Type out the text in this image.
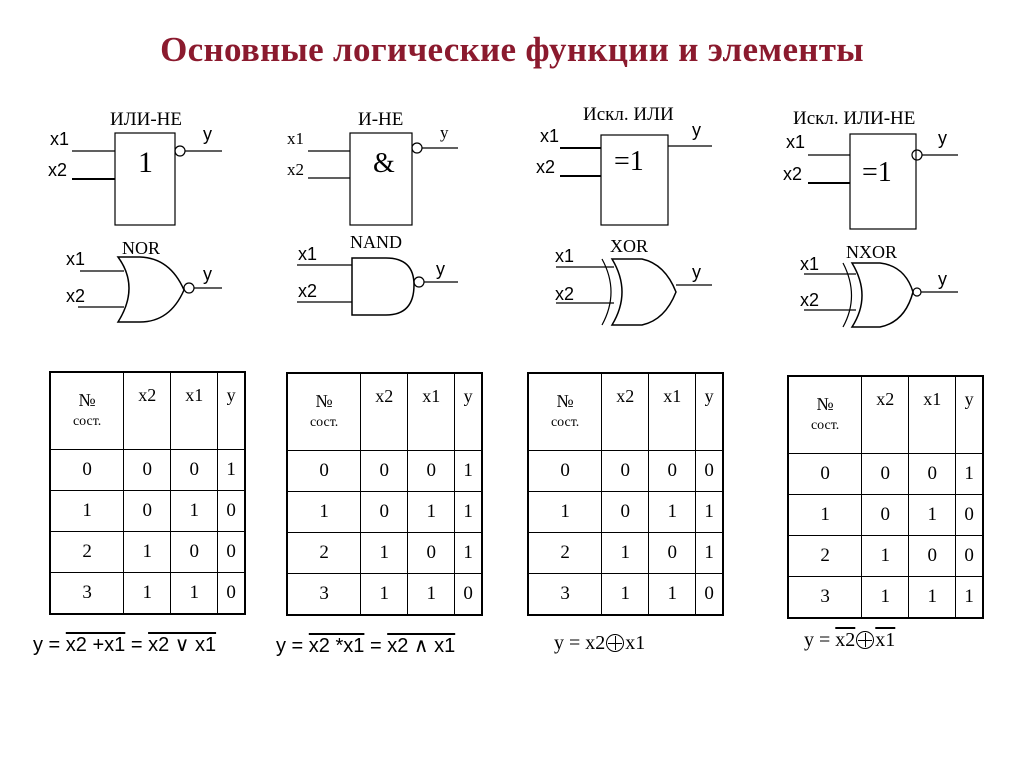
Основные логические функции и элементы
ИЛИ-НЕ
1
x1
x2
y
NOR
x1
x2
y
И-НЕ
&
x1
x2
y
NAND
x1
x2
y
Искл. ИЛИ
=1
x1
x2
y
XOR
x1
x2
y
Искл. ИЛИ-НЕ
=1
x1
x2
y
NXOR
x1
x2
y
№
сост.	x2	x1	y
0	0	0	1
1	0	1	0
2	1	0	0
3	1	1	0
№
сост.	x2	x1	y
0	0	0	1
1	0	1	1
2	1	0	1
3	1	1	0
№
сост.	x2	x1	y
0	0	0	0
1	0	1	1
2	1	0	1
3	1	1	0
№
сост.	x2	x1	y
0	0	0	1
1	0	1	0
2	1	0	0
3	1	1	1
y = x2 +x1 = x2 ∨ x1	y = x2 *x1 = x2 ∧ x1	y = x2 x1	y = x2 x1
